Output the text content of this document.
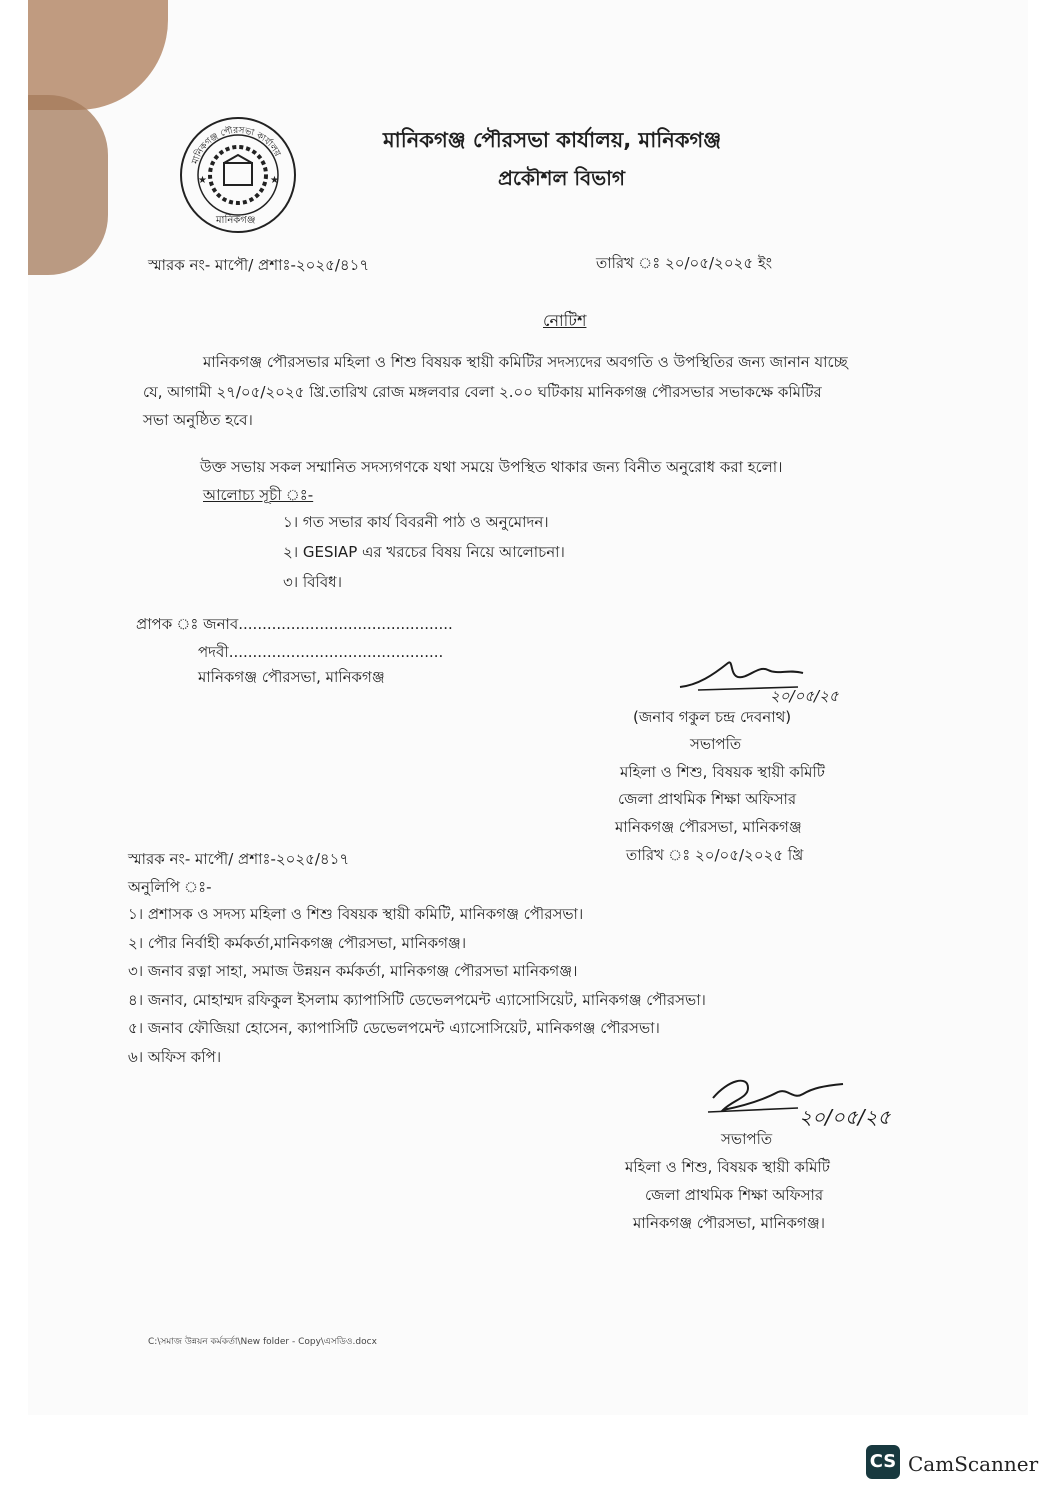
★	★
মানিকগঞ্জ পৌরসভা কার্যালয়
মানিকগঞ্জ
মানিকগঞ্জ পৌরসভা কার্যালয়, মানিকগঞ্জ
প্রকৌশল বিভাগ
স্মারক নং- মাপৌ/ প্রশাঃ-২০২৫/৪১৭	তারিখ ঃ ২০/০৫/২০২৫ ইং
নোটিশ
মানিকগঞ্জ পৌরসভার মহিলা ও শিশু বিষয়ক স্থায়ী কমিটির সদস্যদের অবগতি ও উপস্থিতির জন্য জানান যাচ্ছে
যে, আগামী ২৭/০৫/২০২৫ খ্রি.তারিখ রোজ মঙ্গলবার বেলা ২.০০ ঘটিকায় মানিকগঞ্জ পৌরসভার সভাকক্ষে কমিটির
সভা অনুষ্ঠিত হবে।
উক্ত সভায় সকল সম্মানিত সদস্যগণকে যথা সময়ে উপস্থিত থাকার জন্য বিনীত অনুরোধ করা হলো।
আলোচ্য সূচী ঃ-
১। গত সভার কার্য বিবরনী পাঠ ও অনুমোদন।
২। GESIAP এর খরচের বিষয় নিয়ে আলোচনা।
৩। বিবিধ।
প্রাপক ঃ জনাব.............................................
পদবী.............................................
মানিকগঞ্জ পৌরসভা, মানিকগঞ্জ
২০/০৫/২৫
(জনাব গকুল চন্দ্র দেবনাথ)
সভাপতি
মহিলা ও শিশু, বিষয়ক স্থায়ী কমিটি
জেলা প্রাথমিক শিক্ষা অফিসার
মানিকগঞ্জ পৌরসভা, মানিকগঞ্জ
স্মারক নং- মাপৌ/ প্রশাঃ-২০২৫/৪১৭	তারিখ ঃ ২০/০৫/২০২৫ খ্রি
অনুলিপি ঃ-
১। প্রশাসক ও সদস্য মহিলা ও শিশু বিষয়ক স্থায়ী কমিটি, মানিকগঞ্জ পৌরসভা।
২। পৌর নির্বাহী কর্মকর্তা,মানিকগঞ্জ পৌরসভা, মানিকগঞ্জ।
৩। জনাব রত্না সাহা, সমাজ উন্নয়ন কর্মকর্তা, মানিকগঞ্জ পৌরসভা মানিকগঞ্জ।
৪। জনাব, মোহাম্মদ রফিকুল ইসলাম ক্যাপাসিটি ডেভেলপমেন্ট এ্যাসোসিয়েট, মানিকগঞ্জ পৌরসভা।
৫। জনাব ফৌজিয়া হোসেন, ক্যাপাসিটি ডেভেলপমেন্ট এ্যাসোসিয়েট, মানিকগঞ্জ পৌরসভা।
৬। অফিস কপি।
২০/০৫/২৫
সভাপতি
মহিলা ও শিশু, বিষয়ক স্থায়ী কমিটি
জেলা প্রাথমিক শিক্ষা অফিসার
মানিকগঞ্জ পৌরসভা, মানিকগঞ্জ।
C:\সমাজ উন্নয়ন কর্মকর্তা\New folder - Copy\এসডিও.docx
CS CamScanner
